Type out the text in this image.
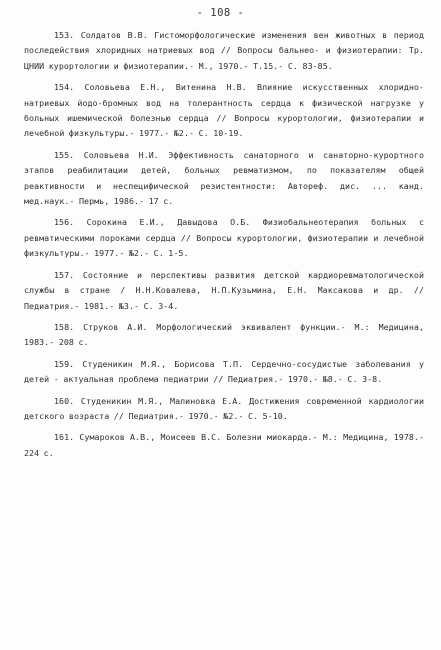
- 108 -

153. Солдатов В.В. Гистоморфологические изменения вен животных в период последействия хлоридных натриевых вод // Вопросы бальнео- и физиотерапии: Тр. ЦНИИ курортологии и физиотерапии.- М., 1970.- Т.15.- С. 83-85.

154. Соловьева Е.Н., Витенина Н.В. Влияние искусственных хлоридно-натриевых йодо-бромных вод на толерантность сердца к физической нагрузке у больных ишемической болезнью сердца // Вопросы курортологии, физиотерапии и лечебной физкультуры.- 1977.- №2.- С. 10-19.

155. Соловьева Н.И. Эффективность санаторного и санаторно-курортного этапов реабилитации детей, больных ревматизмом, по показателям общей реактивности и неспецифической резистентности: Автореф. дис. ... канд. мед.наук.- Пермь, 1986.- 17 с.

156. Сорокина Е.И., Давыдова О.Б. Физиобальнеотерапия больных с ревматическими пороками сердца // Вопросы курортологии, физиотерапии и лечебной физкультуры.- 1977.- №2.- С. 1-5.

157. Состояние и перспективы развития детской кардиоревматологической службы в стране / Н.Н.Ковалева, Н.П.Кузьмина, Е.Н. Максакова и др. // Педиатрия.- 1981.- №3.- С. 3-4.

158. Струков А.И. Морфологический эквивалент функции.- М.: Медицина, 1983.- 208 с.

159. Студеникин М.Я., Борисова Т.П. Сердечно-сосудистые заболевания у детей - актуальная проблема педиатрии // Педиатрия.- 1970.- №8.- С. 3-8.

160. Студеникин М.Я., Малиновка Е.А. Достижения современной кардиологии детского возраста // Педиатрия.- 1970.- №2.- С. 5-10.

161. Сумароков А.В., Моисеев В.С. Болезни миокарда.- М.: Медицина, 1978.- 224 с.
